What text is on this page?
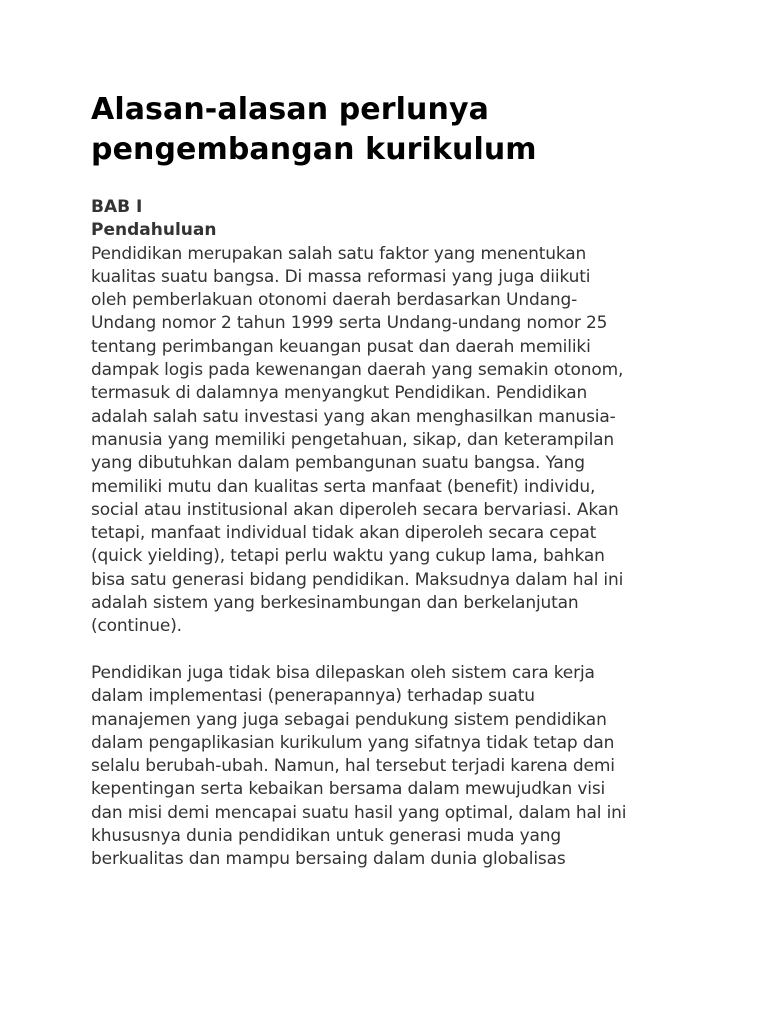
Alasan-alasan perlunya pengembangan kurikulum
BAB I
Pendahuluan

Pendidikan merupakan salah satu faktor yang menentukan
kualitas suatu bangsa. Di massa reformasi yang juga diikuti
oleh pemberlakuan otonomi daerah berdasarkan Undang-
Undang nomor 2 tahun 1999 serta Undang-undang nomor 25
tentang perimbangan keuangan pusat dan daerah memiliki
dampak logis pada kewenangan daerah yang semakin otonom,
termasuk di dalamnya menyangkut Pendidikan. Pendidikan
adalah salah satu investasi yang akan menghasilkan manusia-
manusia yang memiliki pengetahuan, sikap, dan keterampilan
yang dibutuhkan dalam pembangunan suatu bangsa. Yang
memiliki mutu dan kualitas serta manfaat (benefit) individu,
social atau institusional akan diperoleh secara bervariasi. Akan
tetapi, manfaat individual tidak akan diperoleh secara cepat
(quick yielding), tetapi perlu waktu yang cukup lama, bahkan
bisa satu generasi bidang pendidikan. Maksudnya dalam hal ini
adalah sistem yang berkesinambungan dan berkelanjutan
(continue).

Pendidikan juga tidak bisa dilepaskan oleh sistem cara kerja
dalam implementasi (penerapannya) terhadap suatu
manajemen yang juga sebagai pendukung sistem pendidikan
dalam pengaplikasian kurikulum yang sifatnya tidak tetap dan
selalu berubah-ubah. Namun, hal tersebut terjadi karena demi
kepentingan serta kebaikan bersama dalam mewujudkan visi
dan misi demi mencapai suatu hasil yang optimal, dalam hal ini
khususnya dunia pendidikan untuk generasi muda yang
berkualitas dan mampu bersaing dalam dunia globalisas
